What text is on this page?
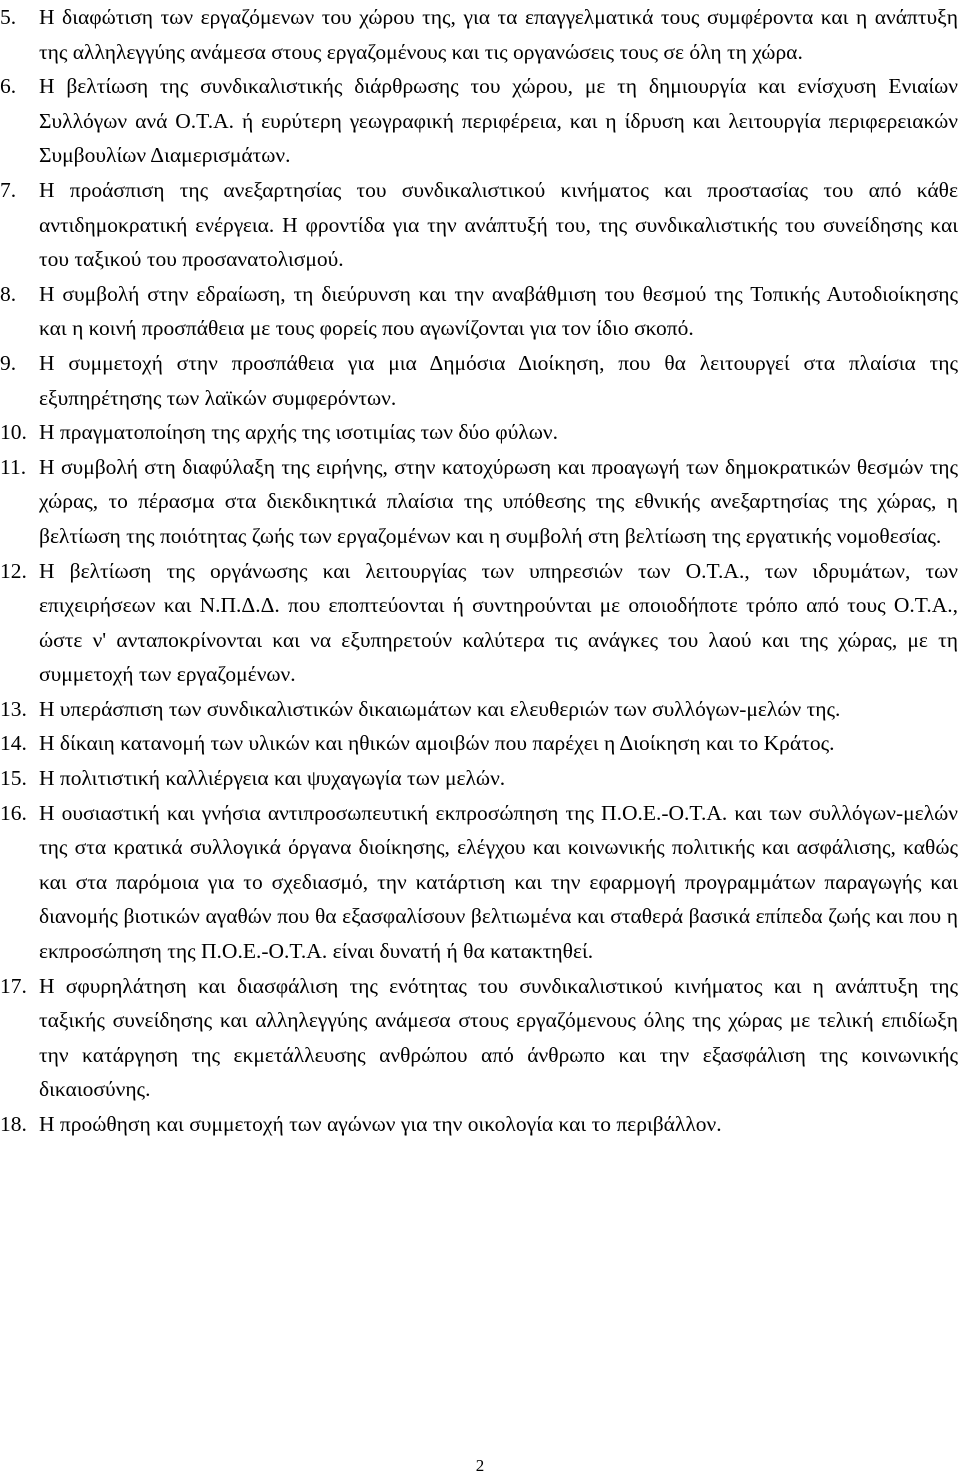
5.	Η διαφώτιση των εργαζόμενων του χώρου της, για τα επαγγελματικά τους συμφέροντα και η ανάπτυξη της αλληλεγγύης ανάμεσα στους εργαζομένους και τις οργανώσεις τους σε όλη τη χώρα.
6.	Η βελτίωση της συνδικαλιστικής διάρθρωσης του χώρου, με τη δημιουργία και ενίσχυση Ενιαίων Συλλόγων ανά Ο.Τ.Α. ή ευρύτερη γεωγραφική περιφέρεια, και η ίδρυση και λειτουργία περιφερειακών Συμβουλίων Διαμερισμάτων.
7.	Η προάσπιση της ανεξαρτησίας του συνδικαλιστικού κινήματος και προστασίας του από κάθε αντιδημοκρατική ενέργεια. Η φροντίδα για την ανάπτυξή του, της συνδικαλιστικής του συνείδησης και του ταξικού του προσανατολισμού.
8.	Η συμβολή στην εδραίωση, τη διεύρυνση και την αναβάθμιση του θεσμού της Τοπικής Αυτοδιοίκησης και η κοινή προσπάθεια με τους φορείς που αγωνίζονται για τον ίδιο σκοπό.
9.	Η συμμετοχή στην προσπάθεια για μια Δημόσια Διοίκηση, που θα λειτουργεί στα πλαίσια της εξυπηρέτησης των λαϊκών συμφερόντων.
10. Η πραγματοποίηση της αρχής της ισοτιμίας των δύο φύλων.
11. Η συμβολή στη διαφύλαξη της ειρήνης, στην κατοχύρωση και προαγωγή των δημοκρατικών θεσμών της χώρας, το πέρασμα στα διεκδικητικά πλαίσια της υπόθεσης της εθνικής ανεξαρτησίας της χώρας, η βελτίωση της ποιότητας ζωής των εργαζομένων και η συμβολή στη βελτίωση της εργατικής νομοθεσίας.
12. Η βελτίωση της οργάνωσης και λειτουργίας των υπηρεσιών των Ο.Τ.Α., των ιδρυμάτων, των επιχειρήσεων και Ν.Π.Δ.Δ. που εποπτεύονται ή συντηρούνται με οποιοδήποτε τρόπο από τους Ο.Τ.Α., ώστε ν' ανταποκρίνονται και να εξυπηρετούν καλύτερα τις ανάγκες του λαού και της χώρας, με τη συμμετοχή των εργαζομένων.
13. Η υπεράσπιση των συνδικαλιστικών δικαιωμάτων και ελευθεριών των συλλόγων-μελών της.
14. Η δίκαιη κατανομή των υλικών και ηθικών αμοιβών που παρέχει η Διοίκηση και το Κράτος.
15. Η πολιτιστική καλλιέργεια και ψυχαγωγία των μελών.
16. Η ουσιαστική και γνήσια αντιπροσωπευτική εκπροσώπηση της Π.Ο.Ε.-Ο.Τ.Α. και των συλλόγων-μελών της στα κρατικά συλλογικά όργανα διοίκησης, ελέγχου και κοινωνικής πολιτικής και ασφάλισης, καθώς και στα παρόμοια για το σχεδιασμό, την κατάρτιση και την εφαρμογή προγραμμάτων παραγωγής και διανομής βιοτικών αγαθών που θα εξασφαλίσουν βελτιωμένα και σταθερά βασικά επίπεδα ζωής και που η εκπροσώπηση της Π.Ο.Ε.-Ο.Τ.Α. είναι δυνατή ή θα κατακτηθεί.
17. Η σφυρηλάτηση και διασφάλιση της ενότητας του συνδικαλιστικού κινήματος και η ανάπτυξη της ταξικής συνείδησης και αλληλεγγύης ανάμεσα στους εργαζόμενους όλης της χώρας με τελική επιδίωξη την κατάργηση της εκμετάλλευσης ανθρώπου από άνθρωπο και την εξασφάλιση της κοινωνικής δικαιοσύνης.
18. Η προώθηση και συμμετοχή των αγώνων για την οικολογία και το περιβάλλον.
2
